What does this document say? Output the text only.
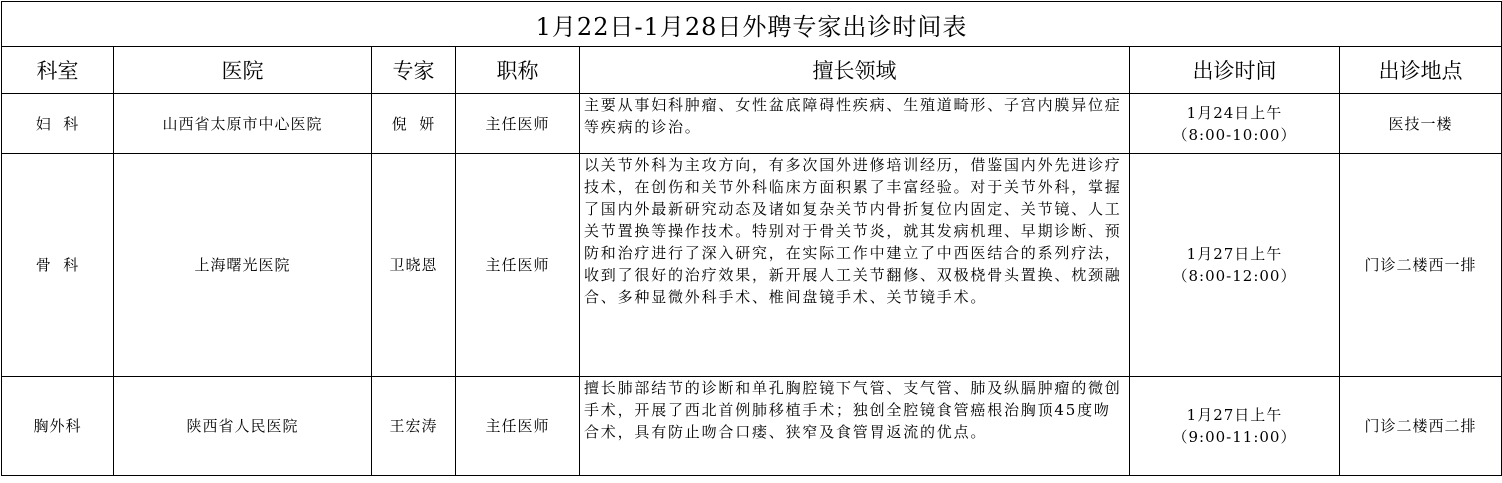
1月22日-1月28日外聘专家出诊时间表						
科室	医院	专家	职称	擅长领域	出诊时间	出诊地点
妇  科	山西省太原市中心医院	倪  妍	主任医师	主要从事妇科肿瘤、女性盆底障碍性疾病、生殖道畸形、子宫内膜异位症等疾病的诊治。	1月24日上午
（8:00-10:00）	医技一楼
骨  科	上海曙光医院	卫晓恩	主任医师	以关节外科为主攻方向，有多次国外进修培训经历，借鉴国内外先进诊疗技术，在创伤和关节外科临床方面积累了丰富经验。对于关节外科，掌握了国内外最新研究动态及诸如复杂关节内骨折复位内固定、关节镜、人工关节置换等操作技术。特别对于骨关节炎，就其发病机理、早期诊断、预防和治疗进行了深入研究，在实际工作中建立了中西医结合的系列疗法，收到了很好的治疗效果，新开展人工关节翻修、双极桡骨头置换、枕颈融合、多种显微外科手术、椎间盘镜手术、关节镜手术。	1月27日上午
（8:00-12:00）	门诊二楼西一排
胸外科	陕西省人民医院	王宏涛	主任医师	擅长肺部结节的诊断和单孔胸腔镜下气管、支气管、肺及纵膈肿瘤的微创手术，开展了西北首例肺移植手术；独创全腔镜食管癌根治胸顶45度吻合术，具有防止吻合口瘘、狭窄及食管胃返流的优点。	1月27日上午
（9:00-11:00）	门诊二楼西二排
